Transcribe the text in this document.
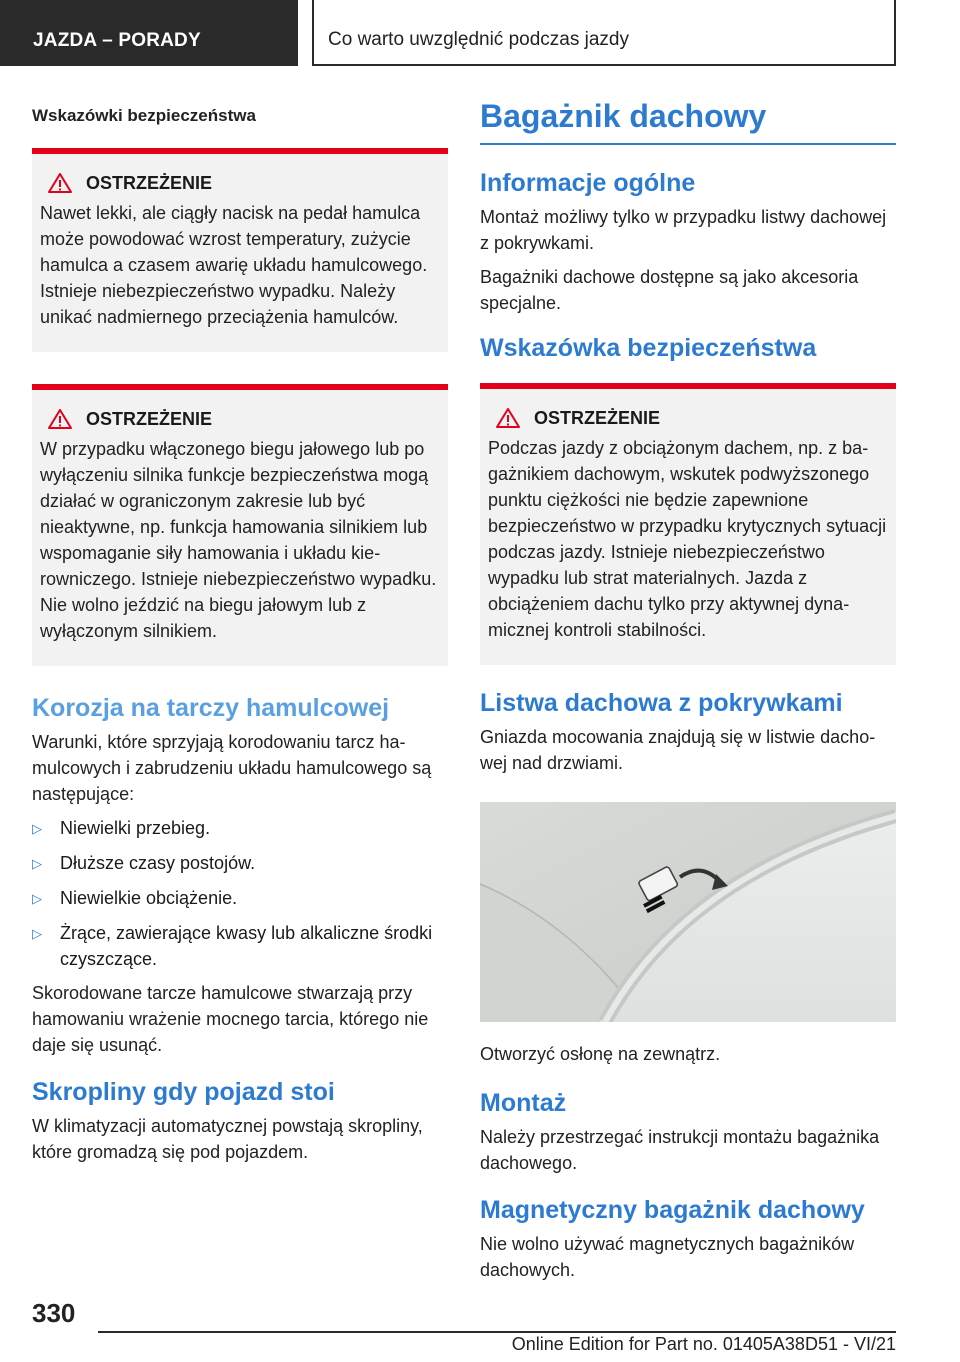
JAZDA – PORADY	Co warto uwzględnić podczas jazdy
Wskazówki bezpieczeństwa
OSTRZEŻENIE
Nawet lekki, ale ciągły nacisk na pedał hamulca może powodować wzrost temperatury, zużycie hamulca a czasem awarię układu hamulcowego. Istnieje niebezpieczeństwo wypadku. Należy unikać nadmiernego przeciążenia hamulców.
OSTRZEŻENIE
W przypadku włączonego biegu jałowego lub po wyłączeniu silnika funkcje bezpieczeństwa mogą działać w ograniczonym zakresie lub być nieaktywne, np. funkcja hamowania silnikiem lub wspomaganie siły hamowania i układu kierowniczego. Istnieje niebezpieczeństwo wypadku. Nie wolno jeździć na biegu jałowym lub z wyłączonym silnikiem.
Korozja na tarczy hamulcowej
Warunki, które sprzyjają korodowaniu tarcz hamulcowych i zabrudzeniu układu hamulcowego są następujące:
▷	Niewielki przebieg.
▷	Dłuższe czasy postojów.
▷	Niewielkie obciążenie.
▷	Żrące, zawierające kwasy lub alkaliczne środki czyszczące.
Skorodowane tarcze hamulcowe stwarzają przy hamowaniu wrażenie mocnego tarcia, którego nie daje się usunąć.
Skropliny gdy pojazd stoi
W klimatyzacji automatycznej powstają skropliny, które gromadzą się pod pojazdem.
Bagażnik dachowy
Informacje ogólne
Montaż możliwy tylko w przypadku listwy dachowej z pokrywkami.
Bagażniki dachowe dostępne są jako akcesoria specjalne.
Wskazówka bezpieczeństwa
OSTRZEŻENIE
Podczas jazdy z obciążonym dachem, np. z bagażnikiem dachowym, wskutek podwyższonego punktu ciężkości nie będzie zapewnione bezpieczeństwo w przypadku krytycznych sytuacji podczas jazdy. Istnieje niebezpieczeństwo wypadku lub strat materialnych. Jazda z obciążeniem dachu tylko przy aktywnej dynamicznej kontroli stabilności.
Listwa dachowa z pokrywkami
Gniazda mocowania znajdują się w listwie dachowej nad drzwiami.
Otworzyć osłonę na zewnątrz.
Montaż
Należy przestrzegać instrukcji montażu bagażnika dachowego.
Magnetyczny bagażnik dachowy
Nie wolno używać magnetycznych bagażników dachowych.
330
Online Edition for Part no. 01405A38D51 - VI/21
